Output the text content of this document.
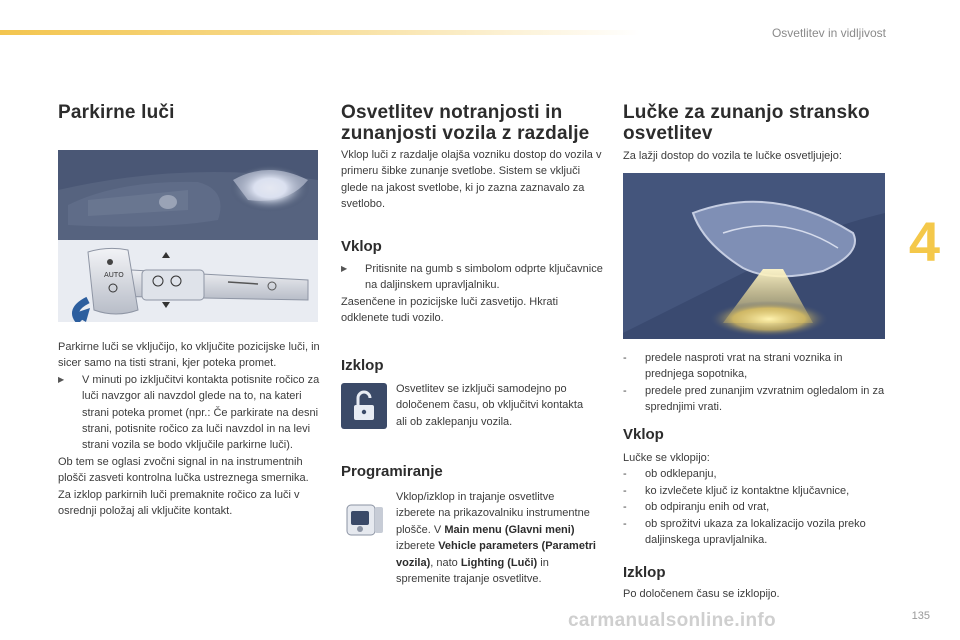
Osvetlitev in vidljivost
4
Parkirne luči
AUTO
Parkirne luči se vključijo, ko vključite pozicijske luči, in sicer samo na tisti strani, kjer poteka promet.
▶ V minuti po izključitvi kontakta potisnite ročico za luči navzgor ali navzdol glede na to, na kateri strani poteka promet (npr.: Če parkirate na desni strani, potisnite ročico za luči navzdol in na levi strani vozila se bodo vključile parkirne luči).
Ob tem se oglasi zvočni signal in na instrumentnih plošči zasveti kontrolna lučka ustreznega smernika.
Za izklop parkirnih luči premaknite ročico za luči v osrednji položaj ali vključite kontakt.
Osvetlitev notranjosti in
zunanjosti vozila z razdalje

Vklop luči z razdalje olajša vozniku dostop do vozila v primeru šibke zunanje svetlobe. Sistem se vključi glede na jakost svetlobe, ki jo zazna zaznavalo za svetlobo.

Vklop
▶ Pritisnite na gumb s simbolom odprte ključavnice na daljinskem upravljalniku.
Zasenčene in pozicijske luči zasvetijo. Hkrati odklenete tudi vozilo.
Izklop

Osvetlitev se izključi samodejno po določenem času, ob vključitvi kontakta ali ob zaklepanju vozila.

Programiranje

Vklop/izklop in trajanje osvetlitve izberete na prikazovalniku instrumentne plošče. V Main menu (Glavni meni) izberete Vehicle parameters (Parametri vozila), nato Lighting (Luči) in spremenite trajanje osvetlitve.

Lučke za zunanjo stransko
osvetlitev

Za lažji dostop do vozila te lučke osvetljujejo:

- predele nasproti vrat na strani voznika in prednjega sopotnika,
- predele pred zunanjim vzvratnim ogledalom in za sprednjimi vrati.
Vklop
Lučke se vklopijo:
- ob odklepanju,
- ko izvlečete ključ iz kontaktne ključavnice,
- ob odpiranju enih od vrat,
- ob sprožitvi ukaza za lokalizacijo vozila preko daljinskega upravljalnika.
Izklop

Po določenem času se izklopijo.

carmanualsonline.info	135
